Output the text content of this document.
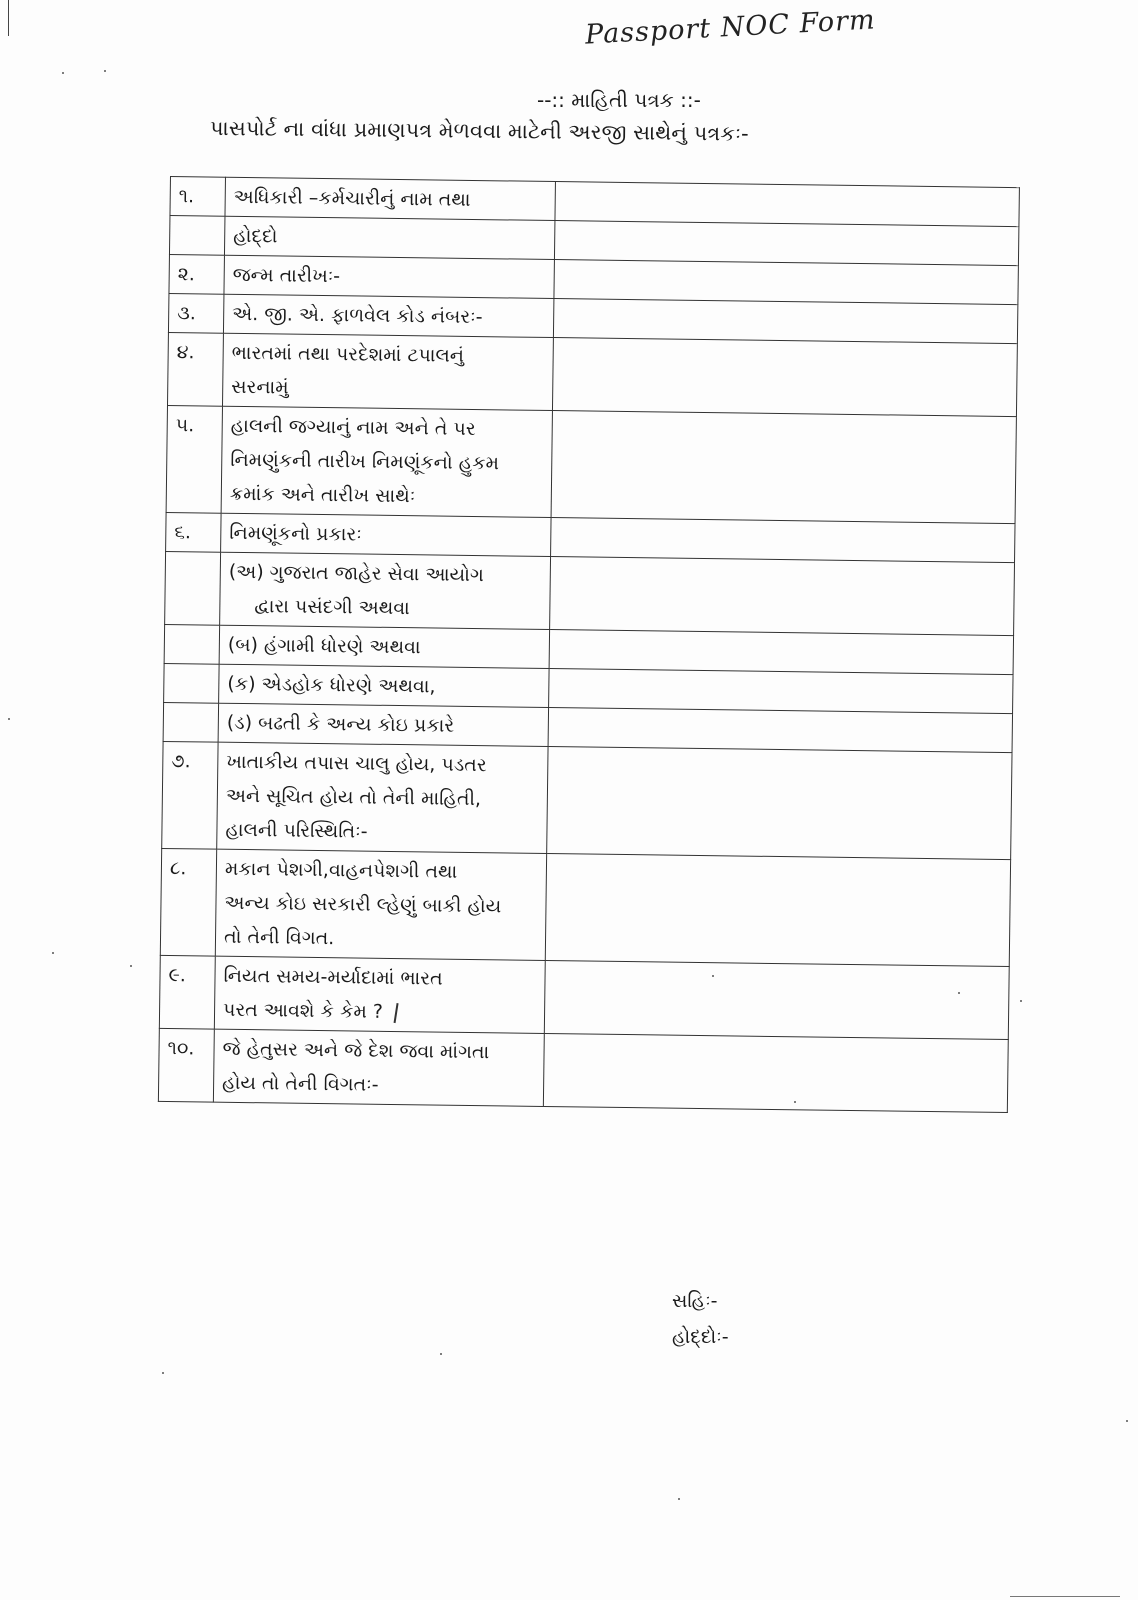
Passport NOC Form
--:: માહિતી પત્રક ::-
પાસપોર્ટ ના વાંધા પ્રમાણપત્ર મેળવવા માટેની અરજી સાથેનું પત્રકઃ-
૧.	અધિકારી –કર્મચારીનું નામ તથા	
	હોદ્દો	
૨.	જન્મ તારીખઃ-	
૩.	એ. જી. એ. ફાળવેલ કોડ નંબરઃ-	
૪.	ભારતમાં તથા પરદેશમાં ટપાલનું
સરનામું	
૫.	હાલની જગ્યાનું નામ અને તે પર
નિમણુંકની તારીખ નિમણૂંકનો હુકમ
ક્રમાંક અને તારીખ સાથેઃ	
૬.	નિમણૂંકનો પ્રકારઃ	
	(અ) ગુજરાત જાહેર સેવા આયોગ
દ્વારા પસંદગી અથવા	
	(બ) હંગામી ધોરણે અથવા	
	(ક) એડહોક ધોરણે અથવા,	
	(ડ) બઢતી કે અન્ય કોઇ પ્રકારે	
૭.	ખાતાકીય તપાસ ચાલુ હોય, પડતર
અને સૂચિત હોય તો તેની માહિતી,
હાલની પરિસ્થિતિઃ-	
૮.	મકાન પેશગી,વાહનપેશગી તથા
અન્ય કોઇ સરકારી લ્હેણું બાકી હોય
તો તેની વિગત.	
૯.	નિયત સમય-મર્યાદામાં ભારત
પરત આવશે કે કેમ ?	
૧૦.	જે હેતુસર અને જે દેશ જવા માંગતા
હોય તો તેની વિગતઃ-	
સહિઃ-
હોદ્દોઃ-
